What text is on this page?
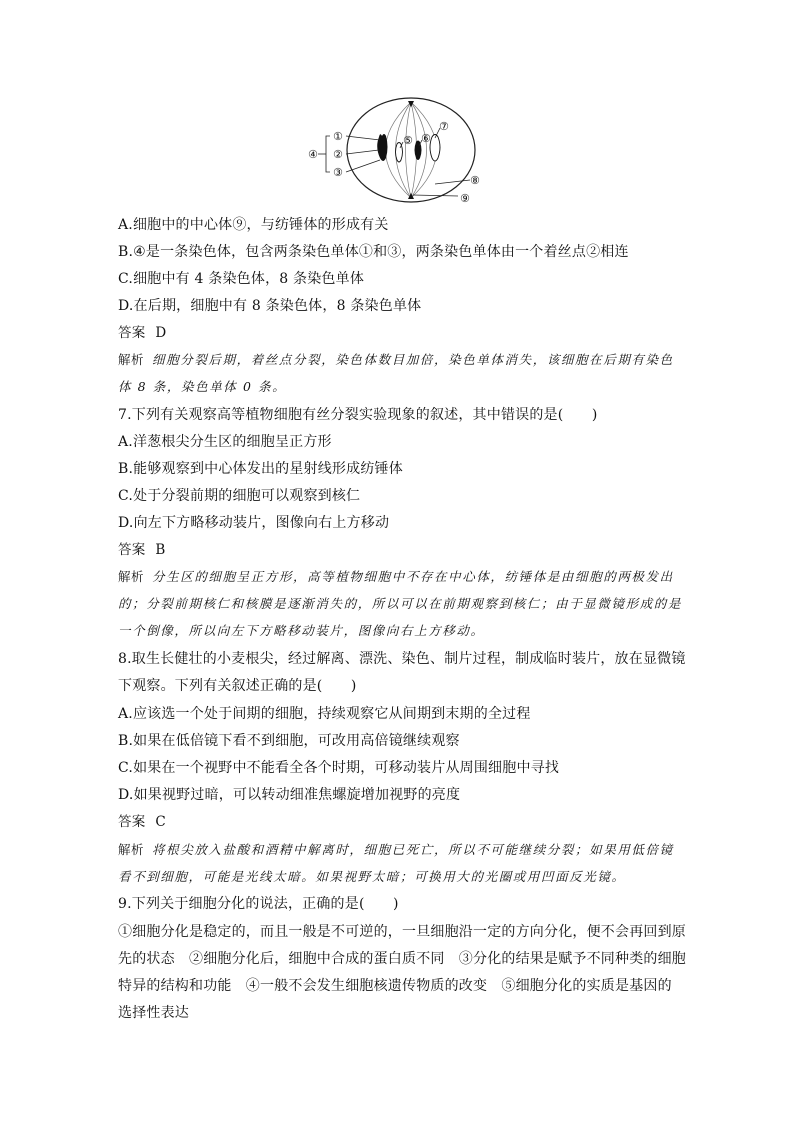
①
②
③
④
⑤ ⑥
⑦
⑧
⑨
A.细胞中的中心体⑨，与纺锤体的形成有关
B.④是一条染色体，包含两条染色单体①和③，两条染色单体由一个着丝点②相连
C.细胞中有 4 条染色体，8 条染色单体
D.在后期，细胞中有 8 条染色体，8 条染色单体
答案 D
解析 细胞分裂后期，着丝点分裂，染色体数目加倍，染色单体消失，该细胞在后期有染色
体 8 条，染色单体 0 条。
7.下列有关观察高等植物细胞有丝分裂实验现象的叙述，其中错误的是(　　)
A.洋葱根尖分生区的细胞呈正方形
B.能够观察到中心体发出的星射线形成纺锤体
C.处于分裂前期的细胞可以观察到核仁
D.向左下方略移动装片，图像向右上方移动
答案 B
解析 分生区的细胞呈正方形，高等植物细胞中不存在中心体，纺锤体是由细胞的两极发出
的；分裂前期核仁和核膜是逐渐消失的，所以可以在前期观察到核仁；由于显微镜形成的是
一个倒像，所以向左下方略移动装片，图像向右上方移动。
8.取生长健壮的小麦根尖，经过解离、漂洗、染色、制片过程，制成临时装片，放在显微镜
下观察。下列有关叙述正确的是(　　)
A.应该选一个处于间期的细胞，持续观察它从间期到末期的全过程
B.如果在低倍镜下看不到细胞，可改用高倍镜继续观察
C.如果在一个视野中不能看全各个时期，可移动装片从周围细胞中寻找
D.如果视野过暗，可以转动细准焦螺旋增加视野的亮度
答案 C
解析 将根尖放入盐酸和酒精中解离时，细胞已死亡，所以不可能继续分裂；如果用低倍镜
看不到细胞，可能是光线太暗。如果视野太暗；可换用大的光圈或用凹面反光镜。
9.下列关于细胞分化的说法，正确的是(　　)
①细胞分化是稳定的，而且一般是不可逆的，一旦细胞沿一定的方向分化，便不会再回到原
先的状态　②细胞分化后，细胞中合成的蛋白质不同　③分化的结果是赋予不同种类的细胞
特异的结构和功能　④一般不会发生细胞核遗传物质的改变　⑤细胞分化的实质是基因的
选择性表达
